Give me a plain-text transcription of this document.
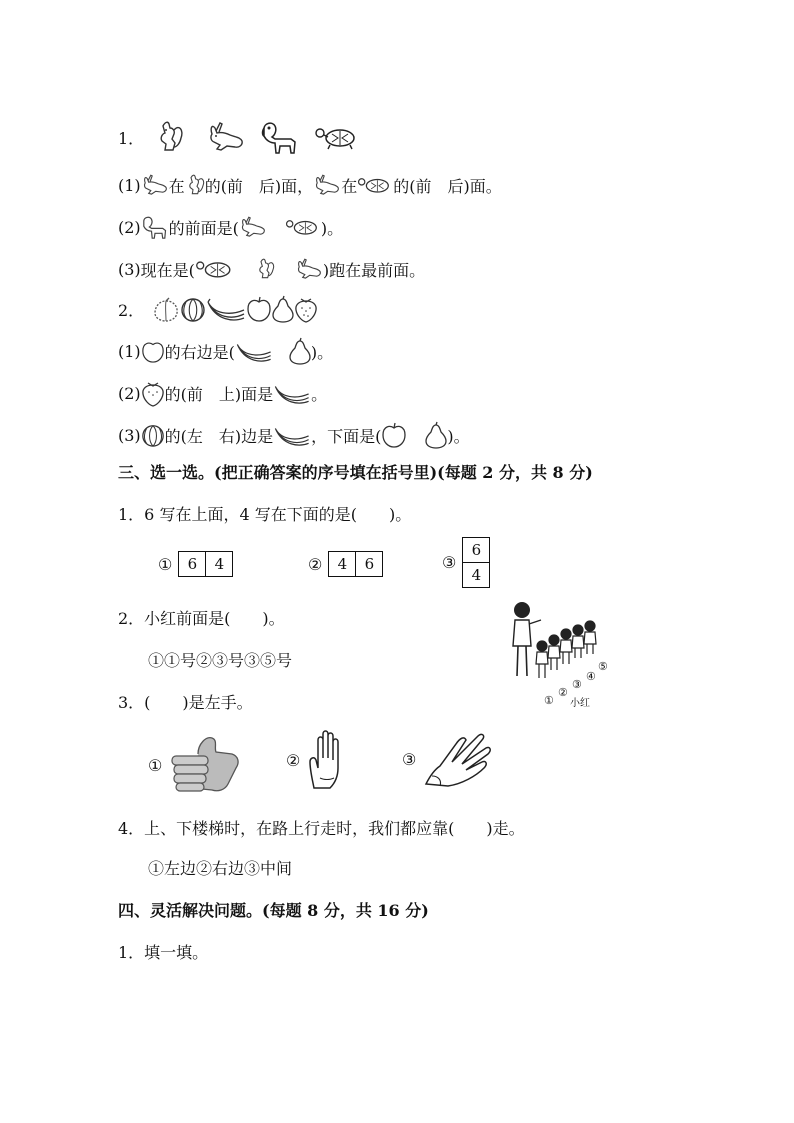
1．
(1) 在 的(前　后)面， 在 的(前　后)面。
(2) 的前面是(	)。
(3) 现在是(	)跑在最前面。
2．
(1) 的右边是(	)。
(2) 的(前　上)面是 。
(3) 的(左　右)边是 ，下面是(	)。
三、选一选。(把正确答案的序号填在括号里)(每题 2 分，共 8 分)
1．6 写在上面，4 写在下面的是(　　)。
①	6	4	②	4	6	③
6
4
2．小红前面是(　　)。
①①号②③号③⑤号
①
②
③
④
⑤
小红
3．(　　)是左手。
①	②	③
4．上、下楼梯时，在路上行走时，我们都应靠(　　)走。
①左边②右边③中间
四、灵活解决问题。(每题 8 分，共 16 分)
1．填一填。
